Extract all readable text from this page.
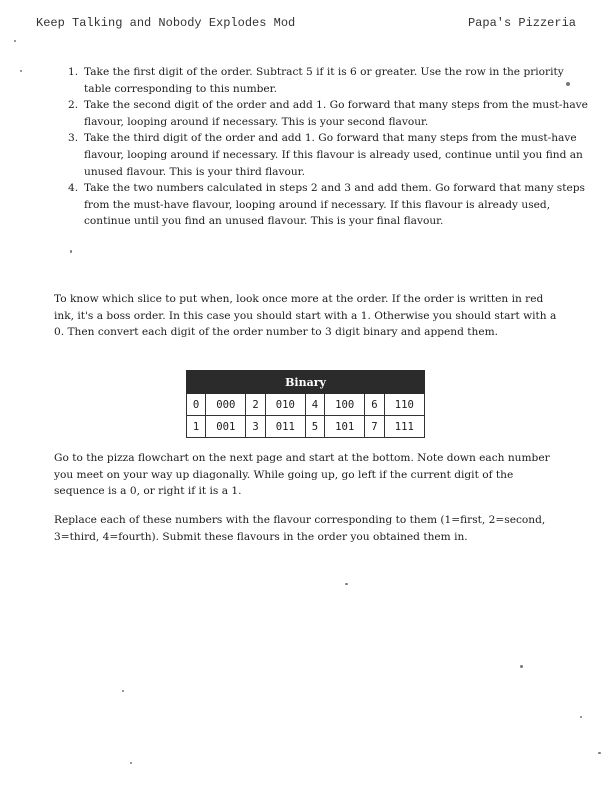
Keep Talking and Nobody Explodes Mod	Papa's Pizzeria
1. Take the first digit of the order. Subtract 5 if it is 6 or greater. Use the row in the priority table corresponding to this number.
2. Take the second digit of the order and add 1. Go forward that many steps from the must-have flavour, looping around if necessary. This is your second flavour.
3. Take the third digit of the order and add 1. Go forward that many steps from the must-have flavour, looping around if necessary. If this flavour is already used, continue until you find an unused flavour. This is your third flavour.
4. Take the two numbers calculated in steps 2 and 3 and add them. Go forward that many steps from the must-have flavour, looping around if necessary. If this flavour is already used, continue until you find an unused flavour. This is your final flavour.

To know which slice to put when, look once more at the order. If the order is written in red ink, it's a boss order. In this case you should start with a 1. Otherwise you should start with a 0. Then convert each digit of the order number to 3 digit binary and append them.

Binary							
0	000	2	010	4	100	6	110
1	001	3	011	5	101	7	111

Go to the pizza flowchart on the next page and start at the bottom. Note down each number you meet on your way up diagonally. While going up, go left if the current digit of the sequence is a 0, or right if it is a 1.

Replace each of these numbers with the flavour corresponding to them (1=first, 2=second, 3=third, 4=fourth). Submit these flavours in the order you obtained them in.
